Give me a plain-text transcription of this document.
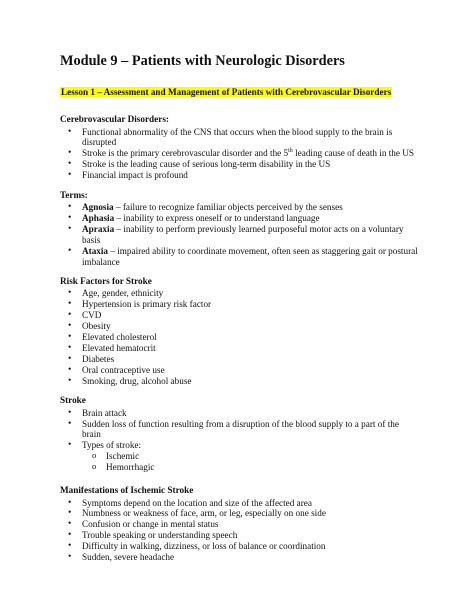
Module 9 – Patients with Neurologic Disorders
Lesson 1 – Assessment and Management of Patients with Cerebrovascular Disorders
Cerebrovascular Disorders:
• Functional abnormality of the CNS that occurs when the blood supply to the brain is disrupted
• Stroke is the primary cerebrovascular disorder and the 5th leading cause of death in the US
• Stroke is the leading cause of serious long-term disability in the US
• Financial impact is profound
Terms:
• Agnosia – failure to recognize familiar objects perceived by the senses
• Aphasia – inability to express oneself or to understand language
• Apraxia – inability to perform previously learned purposeful motor acts on a voluntary basis
• Ataxia – impaired ability to coordinate movement, often seen as staggering gait or postural imbalance
Risk Factors for Stroke
• Age, gender, ethnicity
• Hypertension is primary risk factor
• CVD
• Obesity
• Elevated cholesterol
• Elevated hematocrit
• Diabetes
• Oral contraceptive use
• Smoking, drug, alcohol abuse
Stroke
• Brain attack
• Sudden loss of function resulting from a disruption of the blood supply to a part of the brain
• Types of stroke:
o Ischemic
o Hemorrhagic
Manifestations of Ischemic Stroke
• Symptoms depend on the location and size of the affected area
• Numbness or weakness of face, arm, or leg, especially on one side
• Confusion or change in mental status
• Trouble speaking or understanding speech
• Difficulty in walking, dizziness, or loss of balance or coordination
• Sudden, severe headache
